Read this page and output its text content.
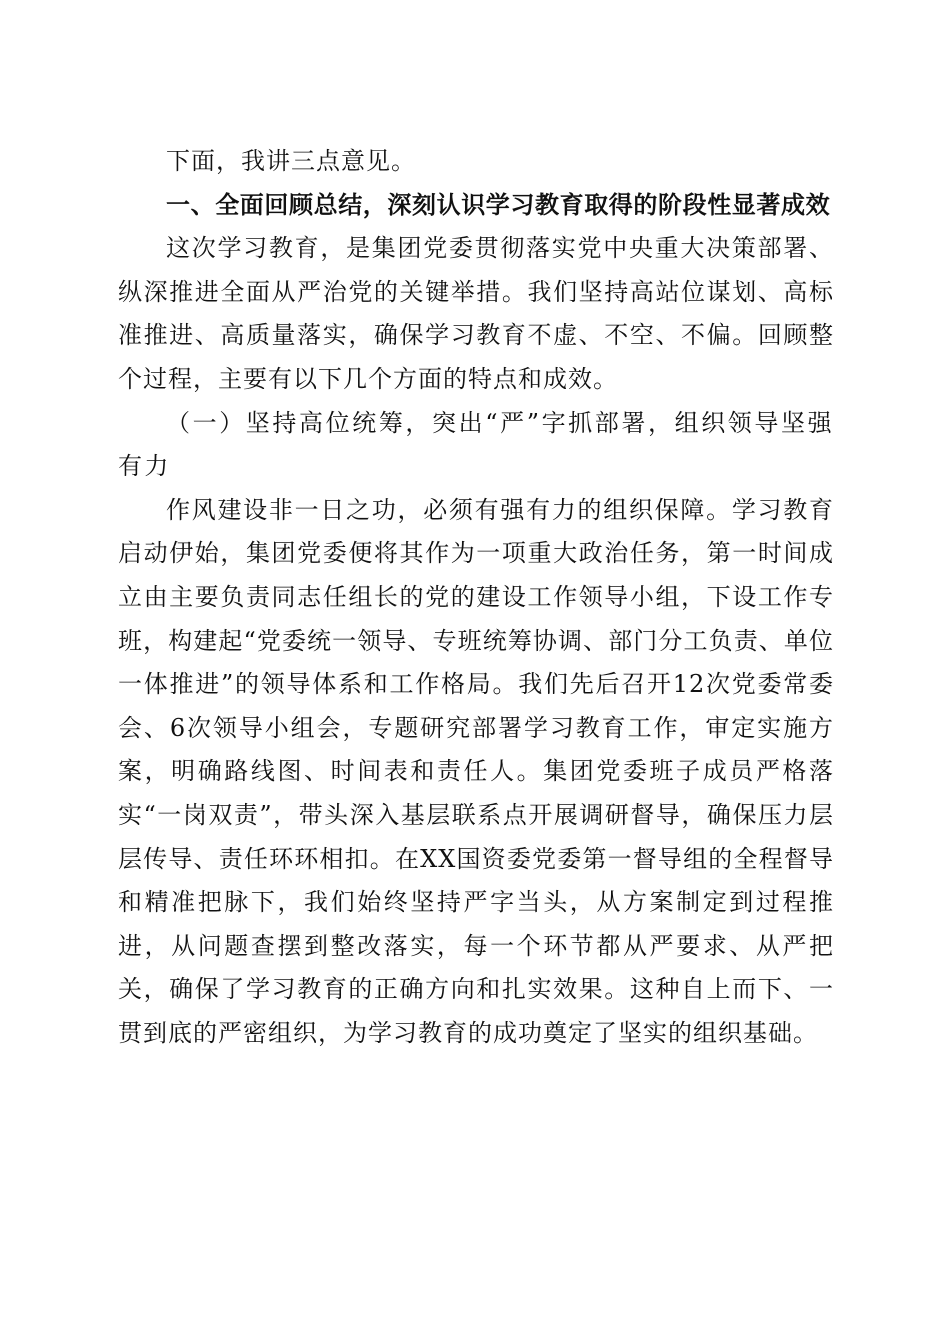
下面，我讲三点意见。

一、全面回顾总结，深刻认识学习教育取得的阶段性显著成效

这次学习教育，是集团党委贯彻落实党中央重大决策部署、纵深推进全面从严治党的关键举措。我们坚持高站位谋划、高标准推进、高质量落实，确保学习教育不虚、不空、不偏。回顾整个过程，主要有以下几个方面的特点和成效。

（一）坚持高位统筹，突出“严”字抓部署，组织领导坚强有力

作风建设非一日之功，必须有强有力的组织保障。学习教育启动伊始，集团党委便将其作为一项重大政治任务，第一时间成立由主要负责同志任组长的党的建设工作领导小组，下设工作专班，构建起“党委统一领导、专班统筹协调、部门分工负责、单位一体推进”的领导体系和工作格局。我们先后召开12次党委常委会、6次领导小组会，专题研究部署学习教育工作，审定实施方案，明确路线图、时间表和责任人。集团党委班子成员严格落实“一岗双责”，带头深入基层联系点开展调研督导，确保压力层层传导、责任环环相扣。在XX国资委党委第一督导组的全程督导和精准把脉下，我们始终坚持严字当头，从方案制定到过程推进，从问题查摆到整改落实，每一个环节都从严要求、从严把关，确保了学习教育的正确方向和扎实效果。这种自上而下、一贯到底的严密组织，为学习教育的成功奠定了坚实的组织基础。
